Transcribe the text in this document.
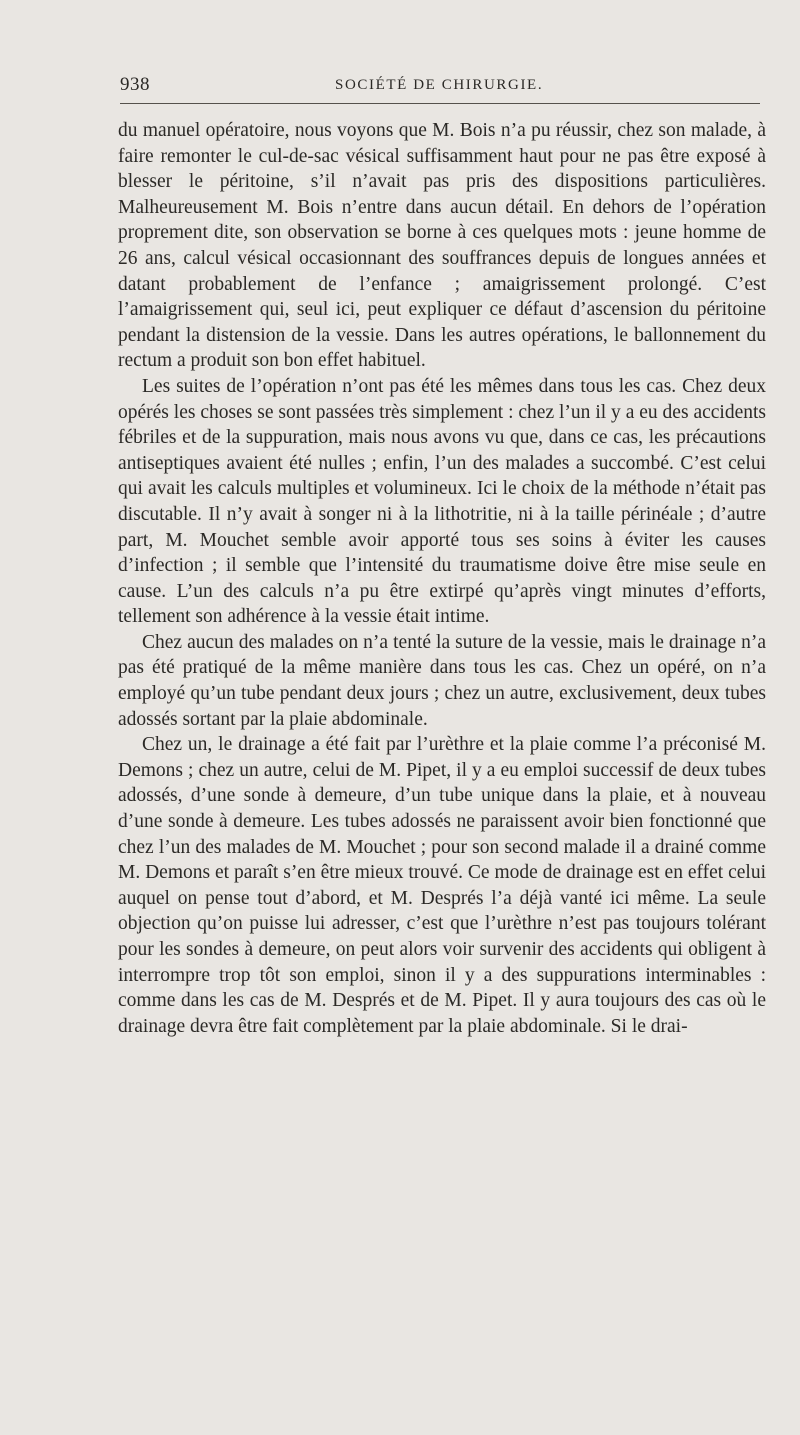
938	SOCIÉTÉ DE CHIRURGIE.

du manuel opératoire, nous voyons que M. Bois n’a pu réussir, chez son malade, à faire remonter le cul-de-sac vésical suffisamment haut pour ne pas être exposé à blesser le péritoine, s’il n’avait pas pris des dispositions particulières. Malheureusement M. Bois n’entre dans aucun détail. En dehors de l’opération proprement dite, son observation se borne à ces quelques mots : jeune homme de 26 ans, calcul vésical occasionnant des souffrances depuis de longues années et datant probablement de l’enfance ; amaigrissement prolongé. C’est l’amaigrissement qui, seul ici, peut expliquer ce défaut d’ascension du péritoine pendant la distension de la vessie. Dans les autres opérations, le ballonnement du rectum a produit son bon effet habituel.

Les suites de l’opération n’ont pas été les mêmes dans tous les cas. Chez deux opérés les choses se sont passées très simplement : chez l’un il y a eu des accidents fébriles et de la suppuration, mais nous avons vu que, dans ce cas, les précautions antiseptiques avaient été nulles ; enfin, l’un des malades a succombé. C’est celui qui avait les calculs multiples et volumineux. Ici le choix de la méthode n’était pas discutable. Il n’y avait à songer ni à la lithotritie, ni à la taille périnéale ; d’autre part, M. Mouchet semble avoir apporté tous ses soins à éviter les causes d’infection ; il semble que l’intensité du traumatisme doive être mise seule en cause. L’un des calculs n’a pu être extirpé qu’après vingt minutes d’efforts, tellement son adhérence à la vessie était intime.

Chez aucun des malades on n’a tenté la suture de la vessie, mais le drainage n’a pas été pratiqué de la même manière dans tous les cas. Chez un opéré, on n’a employé qu’un tube pendant deux jours ; chez un autre, exclusivement, deux tubes adossés sortant par la plaie abdominale.

Chez un, le drainage a été fait par l’urèthre et la plaie comme l’a préconisé M. Demons ; chez un autre, celui de M. Pipet, il y a eu emploi successif de deux tubes adossés, d’une sonde à demeure, d’un tube unique dans la plaie, et à nouveau d’une sonde à demeure. Les tubes adossés ne paraissent avoir bien fonctionné que chez l’un des malades de M. Mouchet ; pour son second malade il a drainé comme M. Demons et paraît s’en être mieux trouvé. Ce mode de drainage est en effet celui auquel on pense tout d’abord, et M. Després l’a déjà vanté ici même. La seule objection qu’on puisse lui adresser, c’est que l’urèthre n’est pas toujours tolérant pour les sondes à demeure, on peut alors voir survenir des accidents qui obligent à interrompre trop tôt son emploi, sinon il y a des suppurations interminables : comme dans les cas de M. Després et de M. Pipet. Il y aura toujours des cas où le drainage devra être fait complètement par la plaie abdominale. Si le drai-
